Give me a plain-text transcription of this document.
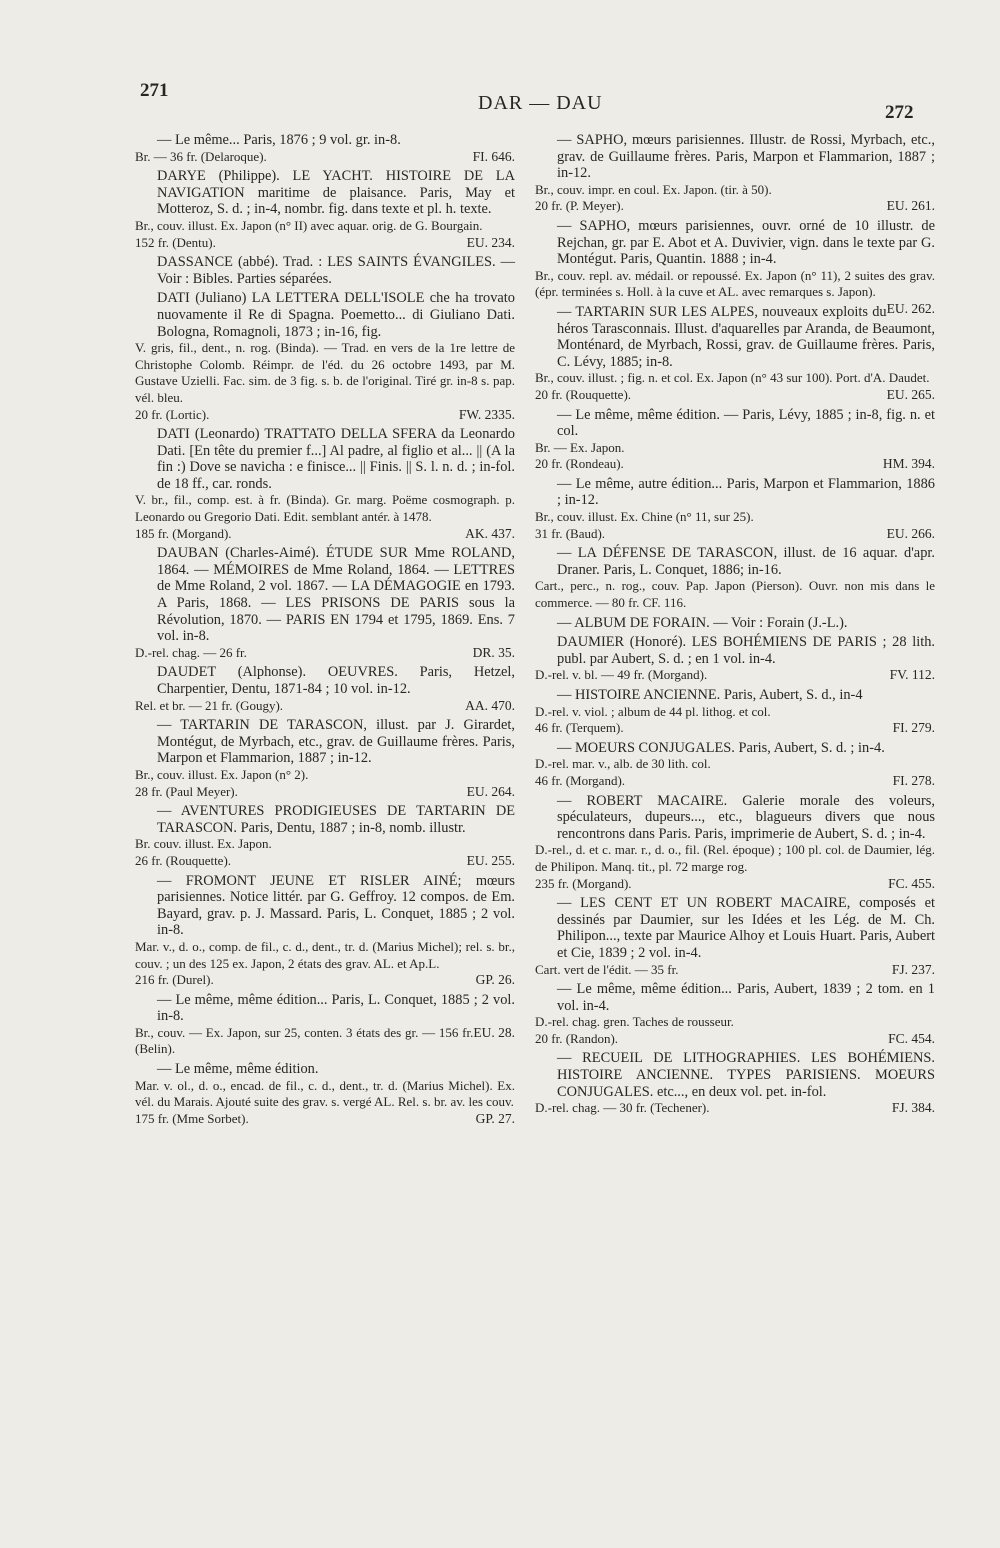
271
DAR — DAU	272
— Le même... Paris, 1876 ; 9 vol. gr. in-8.
FI. 646.
Br. — 36 fr. (Delaroque).
DARYE (Philippe). LE YACHT. HISTOIRE DE LA NAVIGATION maritime de plaisance. Paris, May et Motteroz, S. d. ; in-4, nombr. fig. dans texte et pl. h. texte.
Br., couv. illust. Ex. Japon (n° II) avec aquar. orig. de G. Bourgain.
EU. 234.
152 fr. (Dentu).
DASSANCE (abbé). Trad. : LES SAINTS ÉVANGILES. — Voir : Bibles. Parties séparées.
DATI (Juliano) LA LETTERA DELL'ISOLE che ha trovato nuovamente il Re di Spagna. Poemetto... di Giuliano Dati. Bologna, Romagnoli, 1873 ; in-16, fig.
V. gris, fil., dent., n. rog. (Binda). — Trad. en vers de la 1re lettre de Christophe Colomb. Réimpr. de l'éd. du 26 octobre 1493, par M. Gustave Uzielli. Fac. sim. de 3 fig. s. b. de l'original. Tiré gr. in-8 s. pap. vél. bleu.
FW. 2335.
20 fr. (Lortic).
DATI (Leonardo) TRATTATO DELLA SFERA da Leonardo Dati. [En tête du premier f...] Al padre, al figlio et al... || (A la fin :) Dove se navicha : e finisce... || Finis. || S. l. n. d. ; in-fol. de 18 ff., car. ronds.
V. br., fil., comp. est. à fr. (Binda). Gr. marg. Poëme cosmograph. p. Leonardo ou Gregorio Dati. Edit. semblant antér. à 1478.
AK. 437.
185 fr. (Morgand).
DAUBAN (Charles-Aimé). ÉTUDE SUR Mme ROLAND, 1864. — MÉMOIRES de Mme Roland, 1864. — LETTRES de Mme Roland, 2 vol. 1867. — LA DÉMAGOGIE en 1793. A Paris, 1868. — LES PRISONS DE PARIS sous la Révolution, 1870. — PARIS EN 1794 et 1795, 1869. Ens. 7 vol. in-8.
DR. 35.
D.-rel. chag. — 26 fr.
DAUDET (Alphonse). OEUVRES. Paris, Hetzel, Charpentier, Dentu, 1871-84 ; 10 vol. in-12.
AA. 470.
Rel. et br. — 21 fr. (Gougy).
— TARTARIN DE TARASCON, illust. par J. Girardet, Montégut, de Myrbach, etc., grav. de Guillaume frères. Paris, Marpon et Flammarion, 1887 ; in-12.
Br., couv. illust. Ex. Japon (n° 2).
EU. 264.
28 fr. (Paul Meyer).
— AVENTURES PRODIGIEUSES DE TARTARIN DE TARASCON. Paris, Dentu, 1887 ; in-8, nomb. illustr.
Br. couv. illust. Ex. Japon.
EU. 255.
26 fr. (Rouquette).
— FROMONT JEUNE ET RISLER AINÉ; mœurs parisiennes. Notice littér. par G. Geffroy. 12 compos. de Em. Bayard, grav. p. J. Massard. Paris, L. Conquet, 1885 ; 2 vol. in-8.
Mar. v., d. o., comp. de fil., c. d., dent., tr. d. (Marius Michel); rel. s. br., couv. ; un des 125 ex. Japon, 2 états des grav. AL. et Ap.L.
GP. 26.
216 fr. (Durel).
— Le même, même édition... Paris, L. Conquet, 1885 ; 2 vol. in-8.
EU. 28.
Br., couv. — Ex. Japon, sur 25, conten. 3 états des gr. — 156 fr. (Belin).
— Le même, même édition.
Mar. v. ol., d. o., encad. de fil., c. d., dent., tr. d. (Marius Michel). Ex. vél. du Marais. Ajouté suite des grav. s. vergé AL. Rel. s. br. av. les couv.
GP. 27.
175 fr. (Mme Sorbet).
— SAPHO, mœurs parisiennes. Illustr. de Rossi, Myrbach, etc., grav. de Guillaume frères. Paris, Marpon et Flammarion, 1887 ; in-12.
Br., couv. impr. en coul. Ex. Japon. (tir. à 50).
EU. 261.
20 fr. (P. Meyer).
— SAPHO, mœurs parisiennes, ouvr. orné de 10 illustr. de Rejchan, gr. par E. Abot et A. Duvivier, vign. dans le texte par G. Montégut. Paris, Quantin. 1888 ; in-4.
Br., couv. repl. av. médail. or repoussé. Ex. Japon (n° 11), 2 suites des grav. (épr. terminées s. Holl. à la cuve et AL. avec remarques s. Japon).
EU. 262.
— TARTARIN SUR LES ALPES, nouveaux exploits du héros Tarasconnais. Illust. d'aquarelles par Aranda, de Beaumont, Monténard, de Myrbach, Rossi, grav. de Guillaume frères. Paris, C. Lévy, 1885; in-8.
Br., couv. illust. ; fig. n. et col. Ex. Japon (n° 43 sur 100). Port. d'A. Daudet.
EU. 265.
20 fr. (Rouquette).
— Le même, même édition. — Paris, Lévy, 1885 ; in-8, fig. n. et col.
Br. — Ex. Japon.
HM. 394.
20 fr. (Rondeau).
— Le même, autre édition... Paris, Marpon et Flammarion, 1886 ; in-12.
Br., couv. illust. Ex. Chine (n° 11, sur 25).
EU. 266.
31 fr. (Baud).
— LA DÉFENSE DE TARASCON, illust. de 16 aquar. d'apr. Draner. Paris, L. Conquet, 1886; in-16.
Cart., perc., n. rog., couv. Pap. Japon (Pierson). Ouvr. non mis dans le commerce. — 80 fr. CF. 116.
— ALBUM DE FORAIN. — Voir : Forain (J.-L.).
DAUMIER (Honoré). LES BOHÉMIENS DE PARIS ; 28 lith. publ. par Aubert, S. d. ; en 1 vol. in-4.
FV. 112.
D.-rel. v. bl. — 49 fr. (Morgand).
— HISTOIRE ANCIENNE. Paris, Aubert, S. d., in-4
D.-rel. v. viol. ; album de 44 pl. lithog. et col.
FI. 279.
46 fr. (Terquem).
— MOEURS CONJUGALES. Paris, Aubert, S. d. ; in-4.
D.-rel. mar. v., alb. de 30 lith. col.
FI. 278.
46 fr. (Morgand).
— ROBERT MACAIRE. Galerie morale des voleurs, spéculateurs, dupeurs..., etc., blagueurs divers que nous rencontrons dans Paris. Paris, imprimerie de Aubert, S. d. ; in-4.
D.-rel., d. et c. mar. r., d. o., fil. (Rel. époque) ; 100 pl. col. de Daumier, lég. de Philipon. Manq. tit., pl. 72 marge rog.
FC. 455.
235 fr. (Morgand).
— LES CENT ET UN ROBERT MACAIRE, composés et dessinés par Daumier, sur les Idées et les Lég. de M. Ch. Philipon..., texte par Maurice Alhoy et Louis Huart. Paris, Aubert et Cie, 1839 ; 2 vol. in-4.
FJ. 237.
Cart. vert de l'édit. — 35 fr.
— Le même, même édition... Paris, Aubert, 1839 ; 2 tom. en 1 vol. in-4.
D.-rel. chag. gren. Taches de rousseur.
FC. 454.
20 fr. (Randon).
— RECUEIL DE LITHOGRAPHIES. LES BOHÉMIENS. HISTOIRE ANCIENNE. TYPES PARISIENS. MOEURS CONJUGALES. etc..., en deux vol. pet. in-fol.
FJ. 384.
D.-rel. chag. — 30 fr. (Techener).
